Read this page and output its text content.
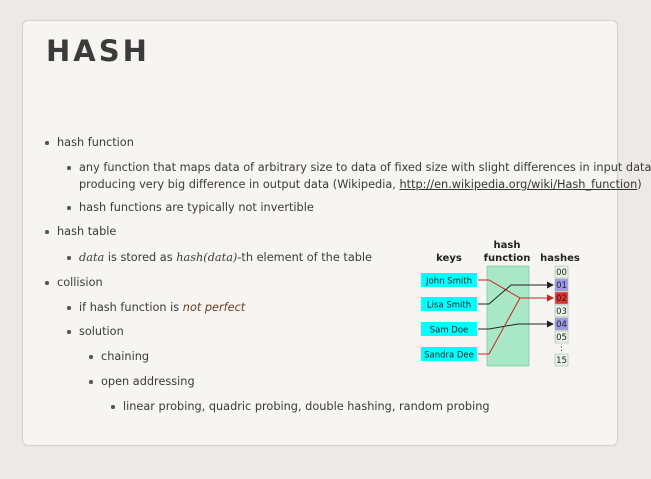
HASH
hash function
any function that maps data of arbitrary size to data of fixed size with slight differences in input data
producing very big difference in output data (Wikipedia, http://en.wikipedia.org/wiki/Hash_function)
hash functions are typically not invertible
hash table
data is stored as hash(data)-th element of the table
collision
if hash function is not perfect
solution
chaining
open addressing
linear probing, quadric probing, double hashing, random probing
keys
hash
function hashes
John Smith
Lisa Smith
Sam Doe
Sandra Dee
00
01
02
03
04
05
:
15
